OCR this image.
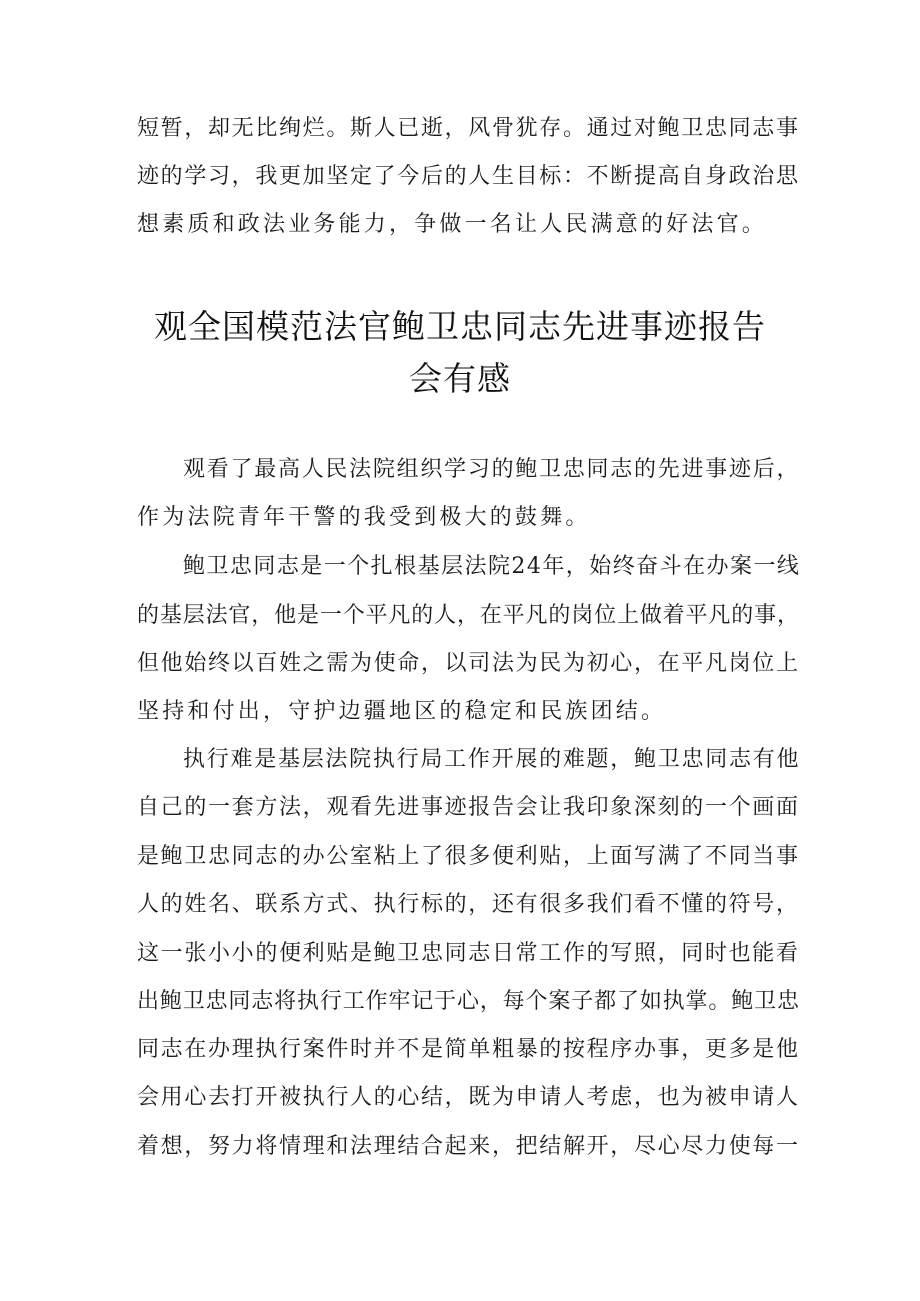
短暂，却无比绚烂。斯人已逝，风骨犹存。通过对鲍卫忠同志事
迹的学习，我更加坚定了今后的人生目标：不断提高自身政治思
想素质和政法业务能力，争做一名让人民满意的好法官。
观全国模范法官鲍卫忠同志先进事迹报告
会有感
观看了最高人民法院组织学习的鲍卫忠同志的先进事迹后，
作为法院青年干警的我受到极大的鼓舞。
鲍卫忠同志是一个扎根基层法院24年，始终奋斗在办案一线
的基层法官，他是一个平凡的人，在平凡的岗位上做着平凡的事，
但他始终以百姓之需为使命，以司法为民为初心，在平凡岗位上
坚持和付出，守护边疆地区的稳定和民族团结。
执行难是基层法院执行局工作开展的难题，鲍卫忠同志有他
自己的一套方法，观看先进事迹报告会让我印象深刻的一个画面
是鲍卫忠同志的办公室粘上了很多便利贴，上面写满了不同当事
人的姓名、联系方式、执行标的，还有很多我们看不懂的符号，
这一张小小的便利贴是鲍卫忠同志日常工作的写照，同时也能看
出鲍卫忠同志将执行工作牢记于心，每个案子都了如执掌。鲍卫忠
同志在办理执行案件时并不是简单粗暴的按程序办事，更多是他
会用心去打开被执行人的心结，既为申请人考虑，也为被申请人
着想，努力将情理和法理结合起来，把结解开，尽心尽力使每一
